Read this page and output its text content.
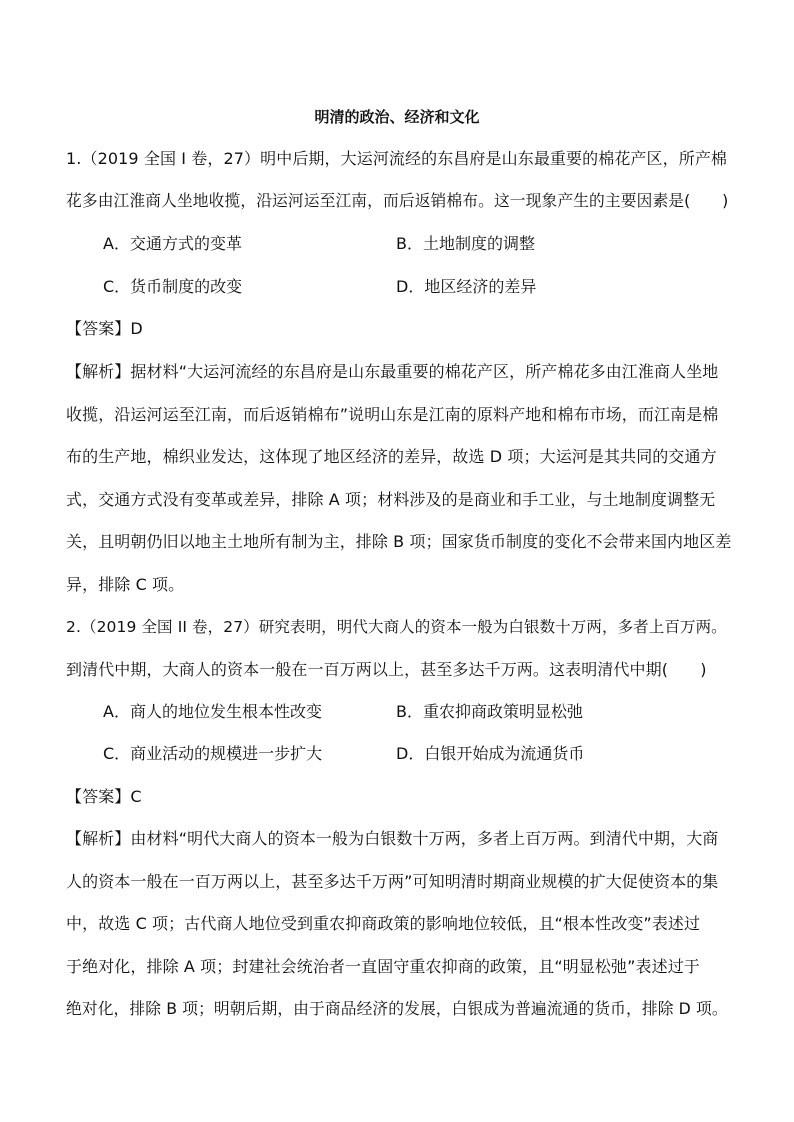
明清的政治、经济和文化
1.（2019 全国 I 卷，27）明中后期，大运河流经的东昌府是山东最重要的棉花产区，所产棉
花多由江淮商人坐地收揽，沿运河运至江南，而后返销棉布。这一现象产生的主要因素是(　　)
A．交通方式的变革	B．土地制度的调整
C．货币制度的改变	D．地区经济的差异
【答案】D
【解析】据材料“大运河流经的东昌府是山东最重要的棉花产区，所产棉花多由江淮商人坐地
收揽，沿运河运至江南，而后返销棉布”说明山东是江南的原料产地和棉布市场，而江南是棉
布的生产地，棉织业发达，这体现了地区经济的差异，故选 D 项；大运河是其共同的交通方
式，交通方式没有变革或差异，排除 A 项；材料涉及的是商业和手工业，与土地制度调整无
关，且明朝仍旧以地主土地所有制为主，排除 B 项；国家货币制度的变化不会带来国内地区差
异，排除 C 项。
2.（2019 全国 II 卷，27）研究表明，明代大商人的资本一般为白银数十万两，多者上百万两。
到清代中期，大商人的资本一般在一百万两以上，甚至多达千万两。这表明清代中期(　　)
A．商人的地位发生根本性改变	B．重农抑商政策明显松弛
C．商业活动的规模进一步扩大	D．白银开始成为流通货币
【答案】C
【解析】由材料“明代大商人的资本一般为白银数十万两，多者上百万两。到清代中期，大商
人的资本一般在一百万两以上，甚至多达千万两”可知明清时期商业规模的扩大促使资本的集
中，故选 C 项；古代商人地位受到重农抑商政策的影响地位较低，且“根本性改变”表述过
于绝对化，排除 A 项；封建社会统治者一直固守重农抑商的政策，且“明显松弛”表述过于
绝对化，排除 B 项；明朝后期，由于商品经济的发展，白银成为普遍流通的货币，排除 D 项。
